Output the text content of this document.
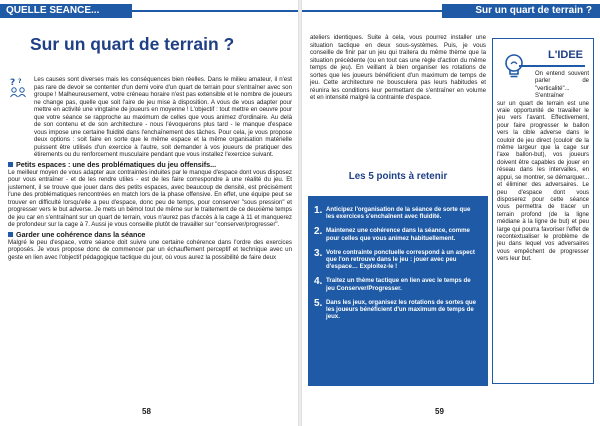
QUELLE SEANCE...
Sur un quart de terrain ?
? ?	Les causes sont diverses mais les conséquences bien réelles. Dans le milieu amateur, il n'est pas rare de devoir se contenter d'un demi voire d'un quart de terrain pour s'entraîner avec son groupe ! Malheureusement, votre créneau horaire n'est pas extensible et le nombre de joueurs ne change pas, quelle que soit l'aire de jeu mise à disposition. A vous de vous adapter pour mettre en activité une vingtaine de joueurs en moyenne ! L'objectif : tout mettre en oeuvre pour que votre séance se rapproche au maximum de celles que vous animez d'ordinaire. Au delà de son contenu et de son architecture - nous l'évoquerons plus tard - le manque d'espace vous impose une certaine fluidité dans l'enchaînement des tâches. Pour cela, je vous propose deux options : soit faire en sorte que le même espace et la même organisation matérielle puissent être utilisés d'un exercice à l'autre, soit demander à vos joueurs de pratiquer des étirements ou du renforcement musculaire pendant que vous installez l'exercice suivant.

Petits espaces : une des problématiques du jeu offensifs...

Le meilleur moyen de vous adapter aux contraintes induites par le manque d'espace dont vous disposez pour vous entraîner - et de les rendre utiles - est de les faire correspondre à une réalité du jeu. Et justement, il se trouve que jouer dans des petits espaces, avec beaucoup de densité, est précisément l'une des problématiques rencontrées en match lors de la phase offensive. En effet, une équipe peut se trouver en difficulté lorsqu'elle a peu d'espace, donc peu de temps, pour conserver "sous pression" et progresser vers le but adverse. Je mets un bémol tout de même sur le traitement de ce deuxième temps de jeu car en s'entraînant sur un quart de terrain, vous n'aurez pas d'accès à la cage à 11 et manquerez de profondeur sur la cage à 7. Aussi je vous conseille plutôt de travailler sur "conserver/progresser".

Garder une cohérence dans la séance

Malgré le peu d'espace, votre séance doit suivre une certaine cohérence dans l'ordre des exercices proposés. Je vous propose donc de commencer par un échauffement perceptif et technique avec un geste en lien avec l'objectif pédagogique tactique du jour, où vous aurez la possibilité de faire deux

58
Sur un quart de terrain ?

ateliers identiques. Suite à cela, vous pourrez installer une situation tactique en deux sous-systèmes. Puis, je vous conseille de finir par un jeu qui traitera du même thème que la situation précédente (ou en tout cas une règle d'action du même temps de jeu). En veillant à bien organiser les rotations de sortes que les joueurs bénéficient d'un maximum de temps de jeu. Cette architecture ne bousculera pas leurs habitudes et réunira les conditions leur permettant de s'entraîner en volume et en intensité malgré la contrainte d'espace.

Les 5 points à retenir
1. Anticipez l'organisation de la séance de sorte que les exercices s'enchaînent avec fluidité.
2. Maintenez une cohérence dans la séance, comme pour celles que vous animez habituellement.
3. Votre contrainte ponctuelle correspond à un aspect que l'on retrouve dans le jeu : jouer avec peu d'espace… Exploitez-le !
4. Traitez un thème tactique en lien avec le temps de jeu Conserver/Progresser.
5. Dans les jeux, organisez les rotations de sortes que les joueurs bénéficient d'un maximum de temps de jeux.
L'IDEE

On entend souvent parler de "verticalité"... S'entraîner

sur un quart de terrain est une vraie opportunité de travailler le jeu vers l'avant. Effectivement, pour faire progresser le ballon vers la cible adverse dans le couloir de jeu direct (couloir de la même largeur que la cage sur l'axe ballon-but), vos joueurs doivent être capables de jouer en réseau dans les intervalles, en appui, se montrer, se démarquer... et éliminer des adversaires. Le peu d'espace dont vous disposerez pour cette séance vous permettra de tracer un terrain profond (de la ligne médiane à la ligne de but) et peu large qui pourra favoriser l'effet de recontextualiser le problème de jeu dans lequel vos adversaires vous empêchent de progresser vers leur but.

59
